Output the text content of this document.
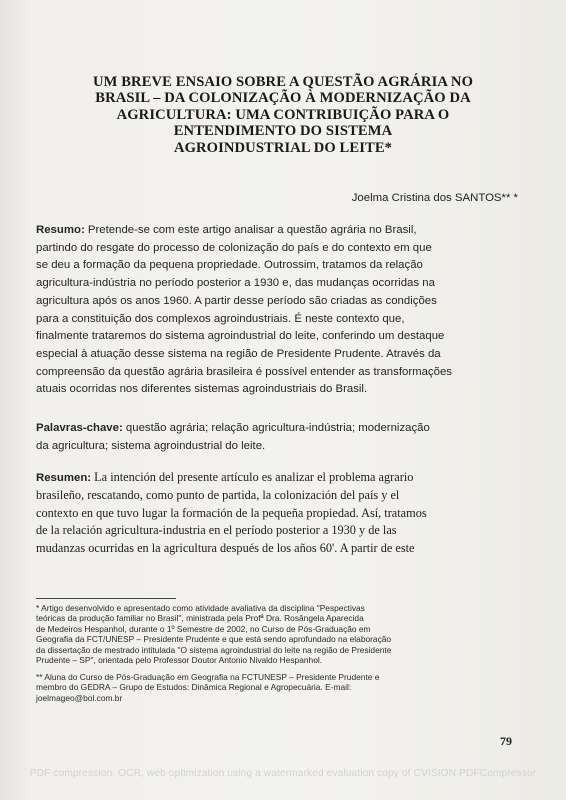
UM BREVE ENSAIO SOBRE A QUESTÃO AGRÁRIA NO
BRASIL – DA COLONIZAÇÃO À MODERNIZAÇÃO DA
AGRICULTURA: UMA CONTRIBUIÇÃO PARA O
ENTENDIMENTO DO SISTEMA
AGROINDUSTRIAL DO LEITE*
Joelma Cristina dos SANTOS** *
Resumo: Pretende-se com este artigo analisar a questão agrária no Brasil,
partindo do resgate do processo de colonização do país e do contexto em que
se deu a formação da pequena propriedade. Outrossim, tratamos da relação
agricultura-indústria no período posterior a 1930 e, das mudanças ocorridas na
agricultura após os anos 1960. A partir desse período são criadas as condições
para a constituição dos complexos agroindustriais. É neste contexto que,
finalmente trataremos do sistema agroindustrial do leite, conferindo um destaque
especial à atuação desse sistema na região de Presidente Prudente. Através da
compreensão da questão agrária brasileira é possível entender as transformações
atuais ocorridas nos diferentes sistemas agroindustriais do Brasil.
Palavras-chave: questão agrária; relação agricultura-indústria; modernização
da agricultura; sistema agroindustrial do leite.
Resumen: La intención del presente artículo es analizar el problema agrario
brasileño, rescatando, como punto de partida, la colonización del país y el
contexto en que tuvo lugar la formación de la pequeña propiedad. Así, tratamos
de la relación agricultura-industria en el período posterior a 1930 y de las
mudanzas ocurridas en la agricultura después de los años 60'. A partir de este
* Artigo desenvolvido e apresentado como atividade avaliativa da disciplina "Pespectivas
teóricas da produção familiar no Brasil", ministrada pela Profª Dra. Rosângela Aparecida
de Medeiros Hespanhol, durante o 1º Semestre de 2002, no Curso de Pós-Graduação em
Geografia da FCT/UNESP – Presidente Prudente e que está sendo aprofundado na elaboração
da dissertação de mestrado intitulada "O sistema agroindustrial do leite na região de Presidente
Prudente – SP", orientada pelo Professor Doutor Antonio Nivaldo Hespanhol.
** Aluna do Curso de Pós-Graduação em Geografia na FCTUNESP – Presidente Prudente e
membro do GEDRA – Grupo de Estudos: Dinâmica Regional e Agropecuária. E-mail:
joelmageo@bol.com.br
79
PDF compression, OCR, web optimization using a watermarked evaluation copy of CVISION PDFCompressor
